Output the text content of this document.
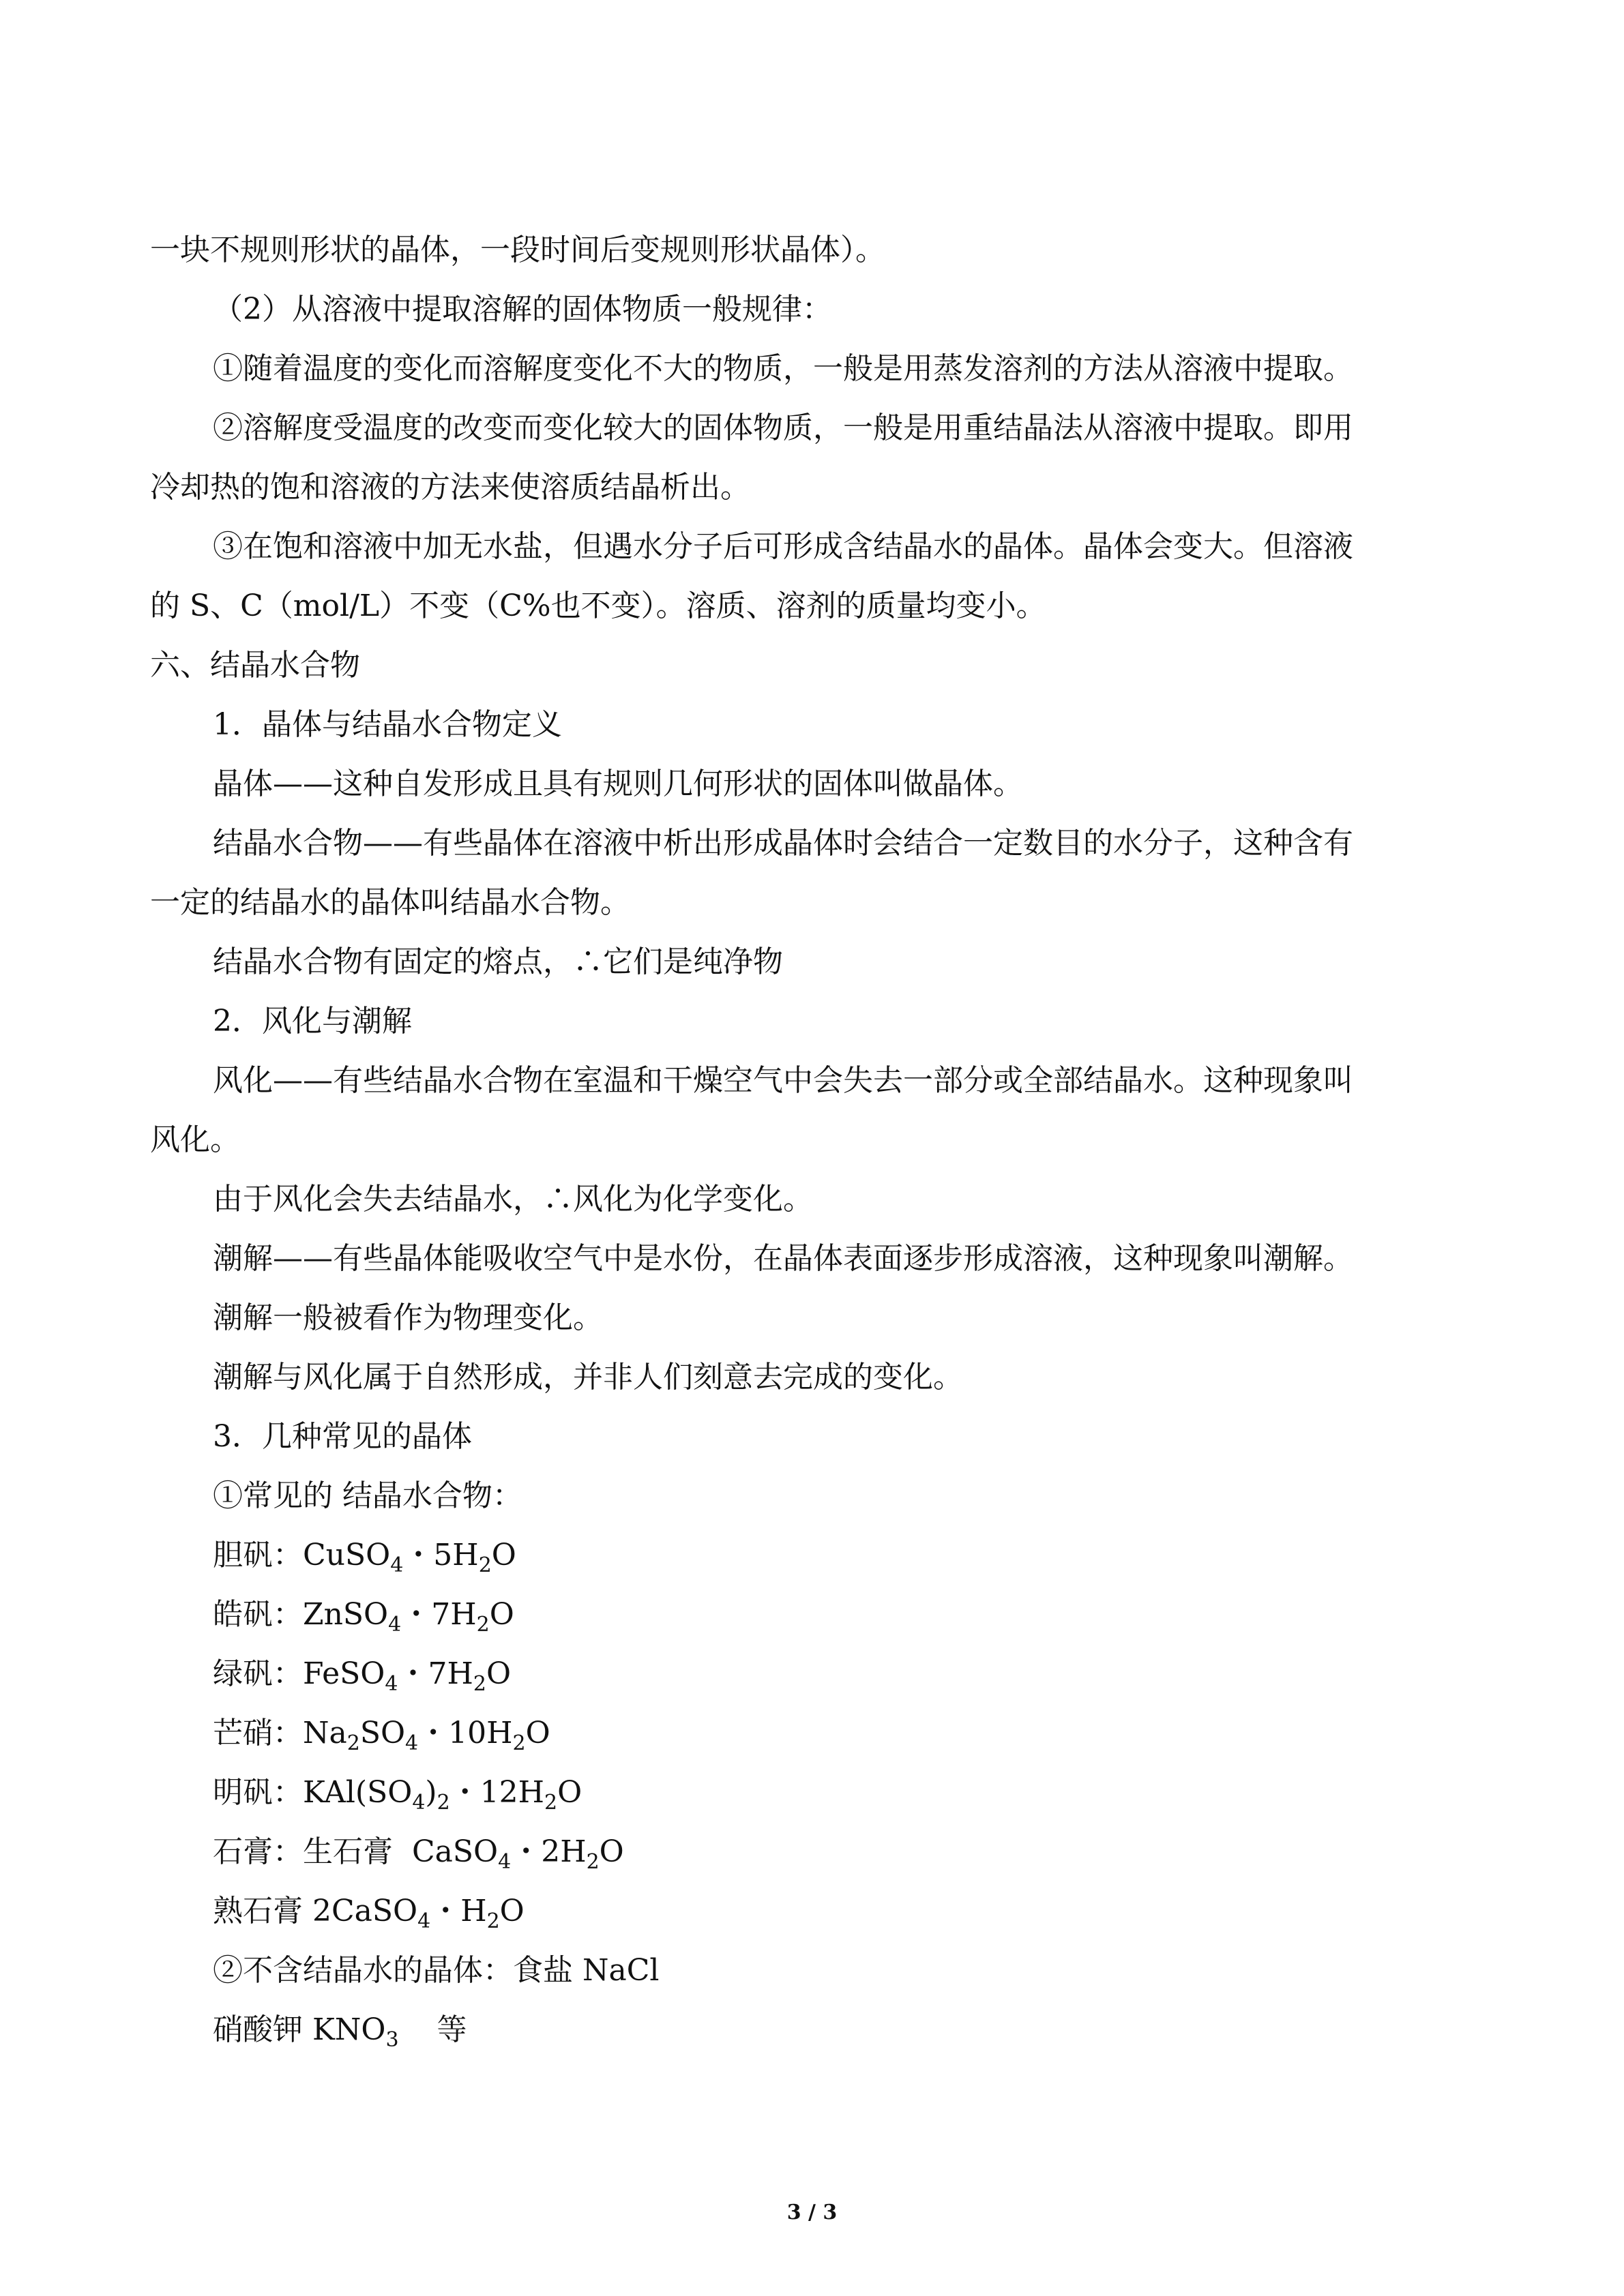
一块不规则形状的晶体，一段时间后变规则形状晶体）。
（2）从溶液中提取溶解的固体物质一般规律：
①随着温度的变化而溶解度变化不大的物质，一般是用蒸发溶剂的方法从溶液中提取。
②溶解度受温度的改变而变化较大的固体物质，一般是用重结晶法从溶液中提取。即用
冷却热的饱和溶液的方法来使溶质结晶析出。
③在饱和溶液中加无水盐，但遇水分子后可形成含结晶水的晶体。晶体会变大。但溶液
的 S、C（mol/L）不变（C%也不变）。溶质、溶剂的质量均变小。
六、结晶水合物
1．晶体与结晶水合物定义
晶体——这种自发形成且具有规则几何形状的固体叫做晶体。
结晶水合物——有些晶体在溶液中析出形成晶体时会结合一定数目的水分子，这种含有
一定的结晶水的晶体叫结晶水合物。
结晶水合物有固定的熔点，∴它们是纯净物
2．风化与潮解
风化——有些结晶水合物在室温和干燥空气中会失去一部分或全部结晶水。这种现象叫
风化。
由于风化会失去结晶水，∴风化为化学变化。
潮解——有些晶体能吸收空气中是水份，在晶体表面逐步形成溶液，这种现象叫潮解。
潮解一般被看作为物理变化。
潮解与风化属于自然形成，并非人们刻意去完成的变化。
3．几种常见的晶体
①常见的 结晶水合物：
胆矾：CuSO$_4$・$5H_2O$
皓矾：ZnSO$_4$・$7H_2O$
绿矾：FeSO$_4$・$7H_2O$
芒硝：$Na_2SO_4$・$10H_2O$
明矾：$KAl(SO_4)_2$・$12H_2O$
石膏：生石膏  CaSO$_4$・$2H_2O$
熟石膏 2CaSO$_4$・$H_2O$
②不含结晶水的晶体：食盐 NaCl
硝酸钾 $KNO_3$    等
3 / 3
